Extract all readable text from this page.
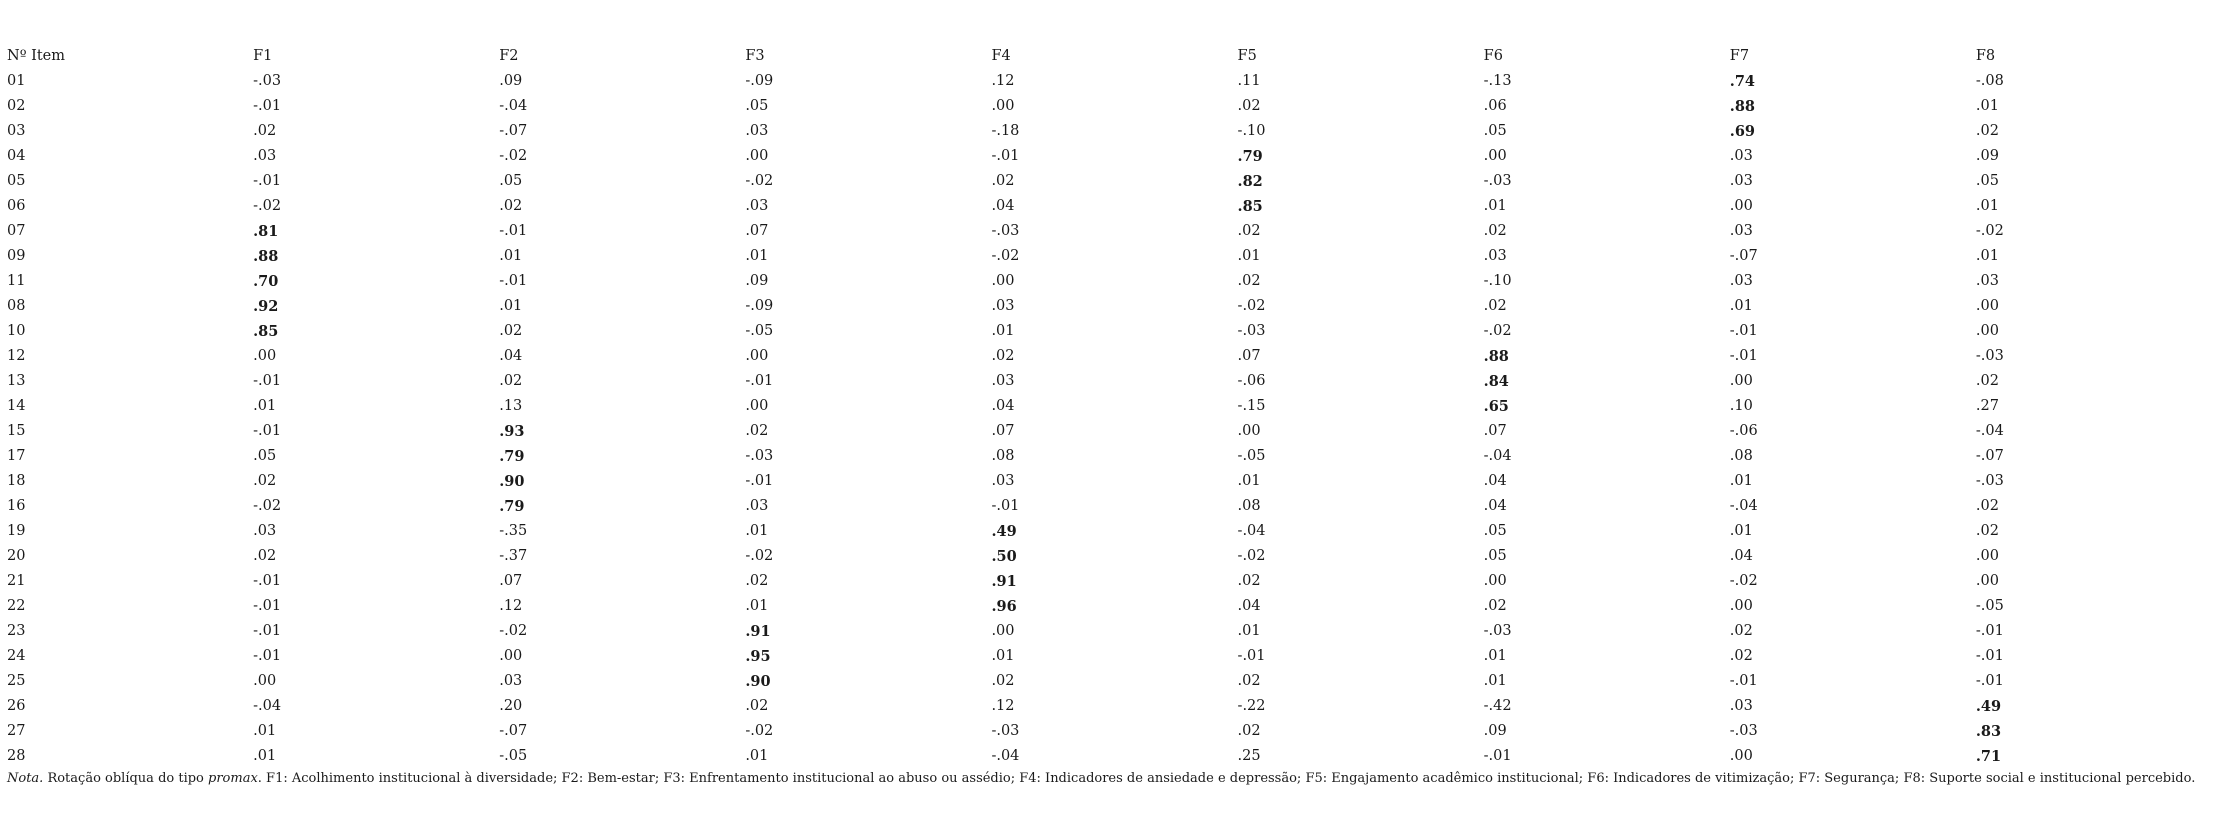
Nº Item	F1	F2	F3	F4	F5	F6	F7	F8
01	-.03	.09	-.09	.12	.11	-.13	.74	-.08
02	-.01	-.04	.05	.00	.02	.06	.88	.01
03	.02	-.07	.03	-.18	-.10	.05	.69	.02
04	.03	-.02	.00	-.01	.79	.00	.03	.09
05	-.01	.05	-.02	.02	.82	-.03	.03	.05
06	-.02	.02	.03	.04	.85	.01	.00	.01
07	.81	-.01	.07	-.03	.02	.02	.03	-.02
09	.88	.01	.01	-.02	.01	.03	-.07	.01
11	.70	-.01	.09	.00	.02	-.10	.03	.03
08	.92	.01	-.09	.03	-.02	.02	.01	.00
10	.85	.02	-.05	.01	-.03	-.02	-.01	.00
12	.00	.04	.00	.02	.07	.88	-.01	-.03
13	-.01	.02	-.01	.03	-.06	.84	.00	.02
14	.01	.13	.00	.04	-.15	.65	.10	.27
15	-.01	.93	.02	.07	.00	.07	-.06	-.04
17	.05	.79	-.03	.08	-.05	-.04	.08	-.07
18	.02	.90	-.01	.03	.01	.04	.01	-.03
16	-.02	.79	.03	-.01	.08	.04	-.04	.02
19	.03	-.35	.01	.49	-.04	.05	.01	.02
20	.02	-.37	-.02	.50	-.02	.05	.04	.00
21	-.01	.07	.02	.91	.02	.00	-.02	.00
22	-.01	.12	.01	.96	.04	.02	.00	-.05
23	-.01	-.02	.91	.00	.01	-.03	.02	-.01
24	-.01	.00	.95	.01	-.01	.01	.02	-.01
25	.00	.03	.90	.02	.02	.01	-.01	-.01
26	-.04	.20	.02	.12	-.22	-.42	.03	.49
27	.01	-.07	-.02	-.03	.02	.09	-.03	.83
28	.01	-.05	.01	-.04	.25	-.01	.00	.71
Nota. Rotação oblíqua do tipo promax. F1: Acolhimento institucional à diversidade; F2: Bem-estar; F3: Enfrentamento institucional ao abuso ou assédio; F4: Indicadores de ansiedade e depressão; F5: Engajamento acadêmico institucional; F6: Indicadores de vitimização; F7: Segurança; F8: Suporte social e institucional percebido.
